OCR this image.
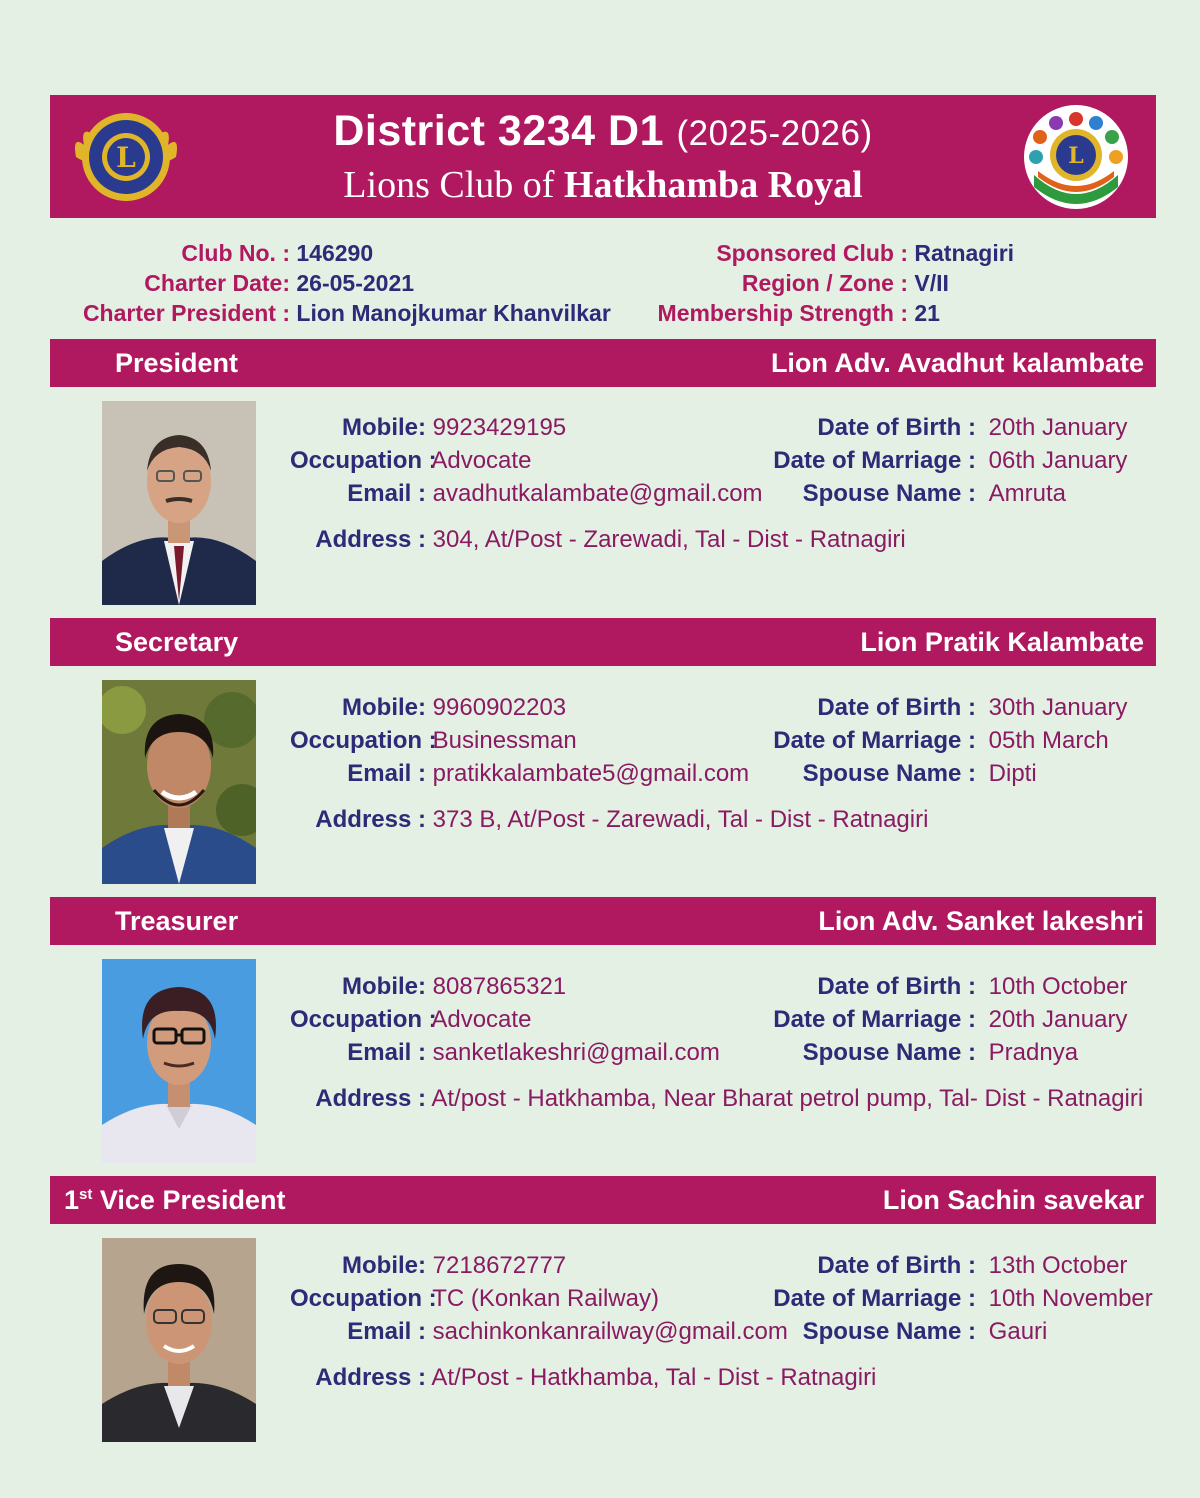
L
District 3234 D1 (2025-2026)
Lions Club of Hatkhamba Royal
L
Club No. : 146290
Charter Date: 26-05-2021
Charter President : Lion Manojkumar Khanvilkar
Sponsored Club : Ratnagiri
Region / Zone : V/II
Membership Strength : 21
President	Lion Adv. Avadhut kalambate
Mobile: 9923429195
Occupation : Advocate
Email : avadhutkalambate@gmail.com
Address : 304, At/Post - Zarewadi, Tal - Dist - Ratnagiri
Date of Birth : 20th January
Date of Marriage : 06th January
Spouse Name : Amruta
Secretary	Lion Pratik Kalambate
Mobile: 9960902203
Occupation : Businessman
Email : pratikkalambate5@gmail.com
Address : 373 B, At/Post - Zarewadi, Tal - Dist - Ratnagiri
Date of Birth : 30th January
Date of Marriage : 05th March
Spouse Name : Dipti
Treasurer	Lion Adv. Sanket lakeshri
Mobile: 8087865321
Occupation : Advocate
Email : sanketlakeshri@gmail.com
Address : At/post - Hatkhamba, Near Bharat petrol pump, Tal- Dist - Ratnagiri
Date of Birth : 10th October
Date of Marriage : 20th January
Spouse Name : Pradnya
1st Vice President	Lion Sachin savekar
Mobile: 7218672777
Occupation : TC (Konkan Railway)
Email : sachinkonkanrailway@gmail.com
Address : At/Post - Hatkhamba, Tal - Dist - Ratnagiri
Date of Birth : 13th October
Date of Marriage : 10th November
Spouse Name : Gauri
